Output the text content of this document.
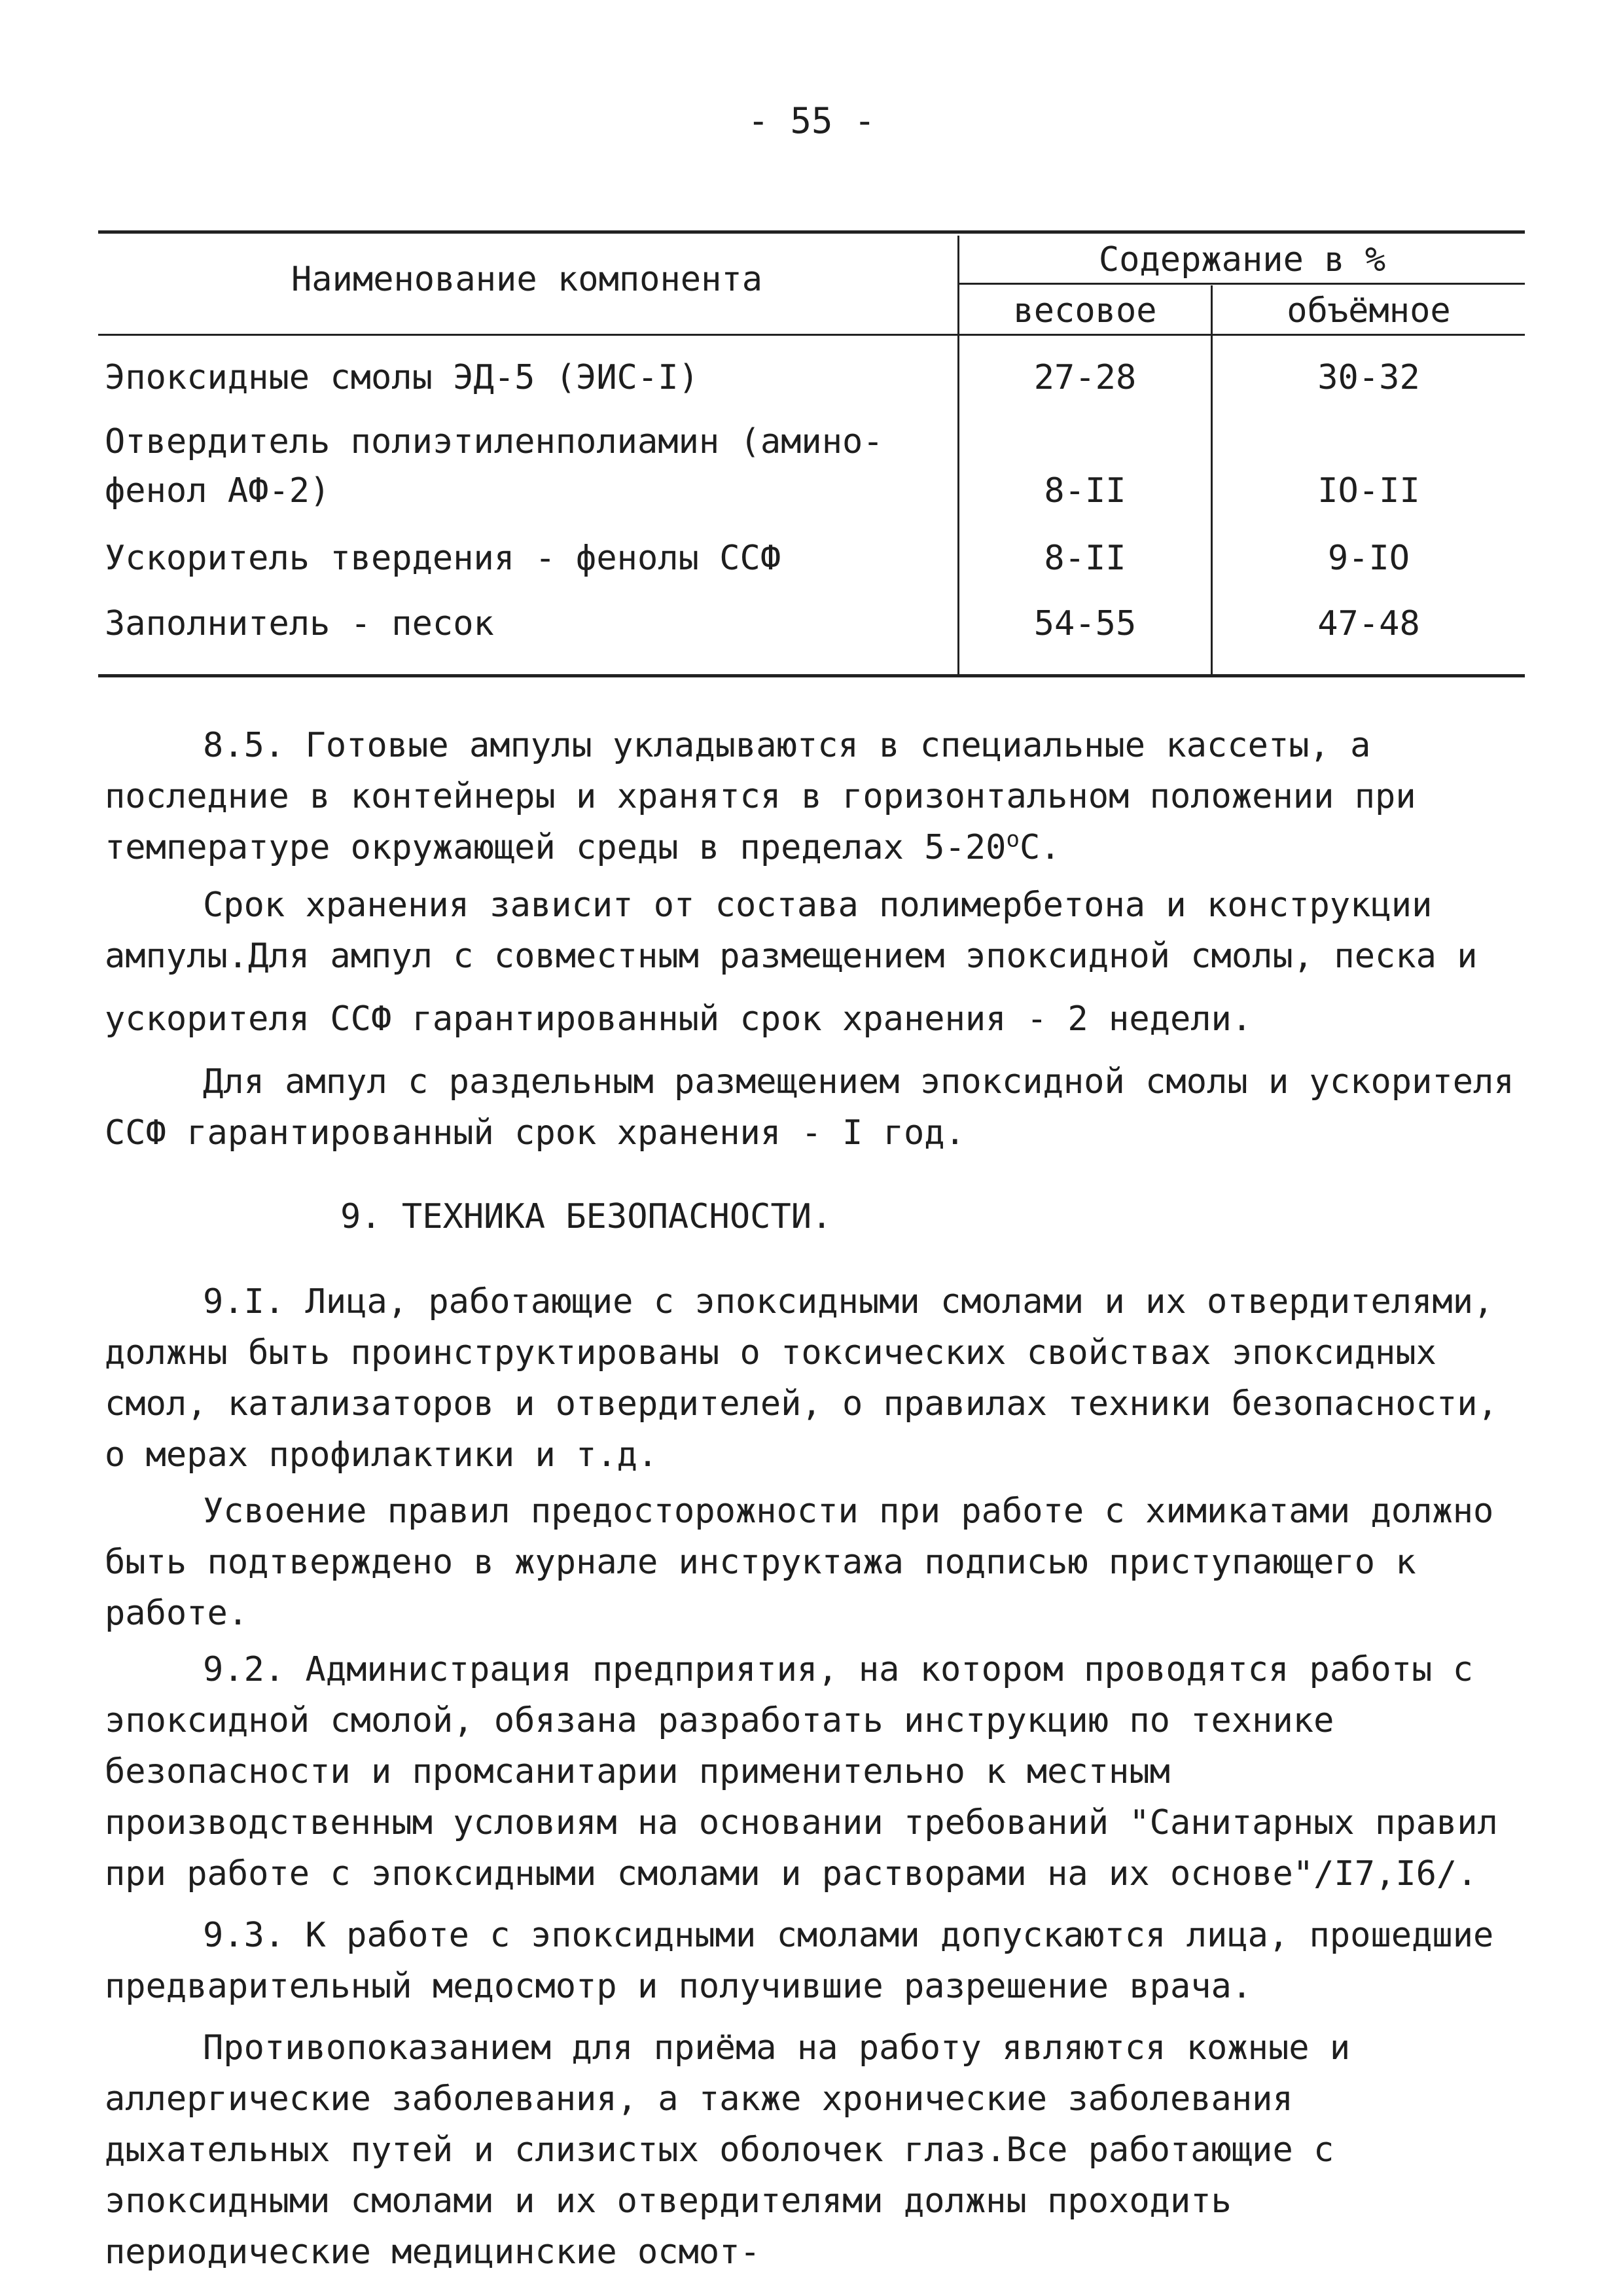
- 55 -
Наименование компонента	Содержание в %
весовое	объёмное
Эпоксидные смолы ЭД-5 (ЭИС-I)	27-28	30-32
Отвердитель полиэтиленполиамин (амино-
фенол АФ-2)	8-II	IO-II
Ускоритель твердения - фенолы ССФ	8-II	9-IO
Заполнитель - песок	54-55	47-48

8.5. Готовые ампулы укладываются в специальные кассеты, а последние в контейнеры и хранятся в горизонтальном положении при температуре окружающей среды в пределах 5-20$^o$C.

Срок хранения зависит от состава полимербетона и конструкции ампулы.Для ампул с совместным размещением эпоксидной смолы, песка и

ускорителя ССФ гарантированный срок хранения - 2 недели.

Для ампул с раздельным размещением эпоксидной смолы и ускорителя ССФ гарантированный срок хранения - I год.

9. ТЕХНИКА БЕЗОПАСНОСТИ.

9.I. Лица, работающие с эпоксидными смолами и их отвердителями, должны быть проинструктированы о токсических свойствах эпоксидных смол, катализаторов и отвердителей, о правилах техники безопасности, о мерах профилактики и т.д.

Усвоение правил предосторожности при работе с химикатами должно быть подтверждено в журнале инструктажа подписью приступающего к работе.

9.2. Администрация предприятия, на котором проводятся работы с эпоксидной смолой, обязана разработать инструкцию по технике безопасности и промсанитарии применительно к местным производственным условиям на основании требований "Санитарных правил при работе с эпоксидными смолами и растворами на их основе"/I7,I6/.

9.3. К работе с эпоксидными смолами допускаются лица, прошедшие предварительный медосмотр и получившие разрешение врача.

Противопоказанием для приёма на работу являются кожные и аллергические заболевания, а также хронические заболевания дыхательных путей и слизистых оболочек глаз.Все работающие с эпоксидными смолами и их отвердителями должны проходить периодические медицинские осмот-
